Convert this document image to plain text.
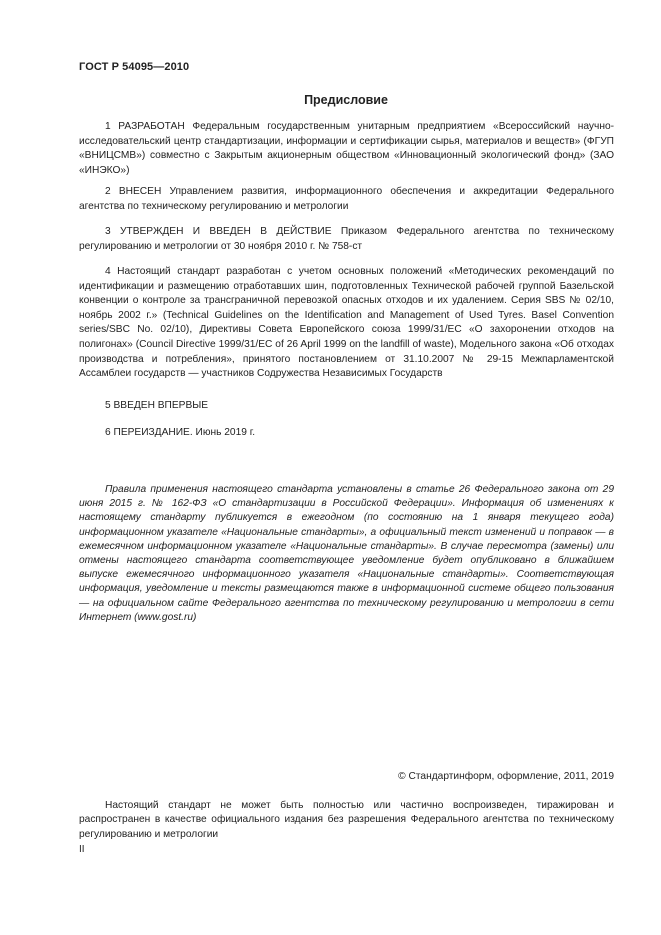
ГОСТ Р 54095—2010
Предисловие

1 РАЗРАБОТАН Федеральным государственным унитарным предприятием «Всероссийский научно-исследовательский центр стандартизации, информации и сертификации сырья, материалов и веществ» (ФГУП «ВНИЦСМВ») совместно с Закрытым акционерным обществом «Инновационный экологический фонд» (ЗАО «ИНЭКО»)

2 ВНЕСЕН Управлением развития, информационного обеспечения и аккредитации Федерального агентства по техническому регулированию и метрологии

3 УТВЕРЖДЕН И ВВЕДЕН В ДЕЙСТВИЕ Приказом Федерального агентства по техническому регулированию и метрологии от 30 ноября 2010 г. № 758-ст

4 Настоящий стандарт разработан с учетом основных положений «Методических рекомендаций по идентификации и размещению отработавших шин, подготовленных Технической рабочей группой Базельской конвенции о контроле за трансграничной перевозкой опасных отходов и их удалением. Серия SBS № 02/10, ноябрь 2002 г.» (Technical Guidelines on the Identification and Management of Used Tyres. Basel Convention series/SBC No. 02/10), Директивы Совета Европейского союза 1999/31/ЕС «О захоронении отходов на полигонах» (Council Directive 1999/31/EC of 26 April 1999 on the landfill of waste), Модельного закона «Об отходах производства и потребления», принятого постановлением от 31.10.2007 № 29-15 Межпарламентской Ассамблеи государств — участников Содружества Независимых Государств

5 ВВЕДЕН ВПЕРВЫЕ

6 ПЕРЕИЗДАНИЕ. Июнь 2019 г.

Правила применения настоящего стандарта установлены в статье 26 Федерального закона от 29 июня 2015 г. № 162-ФЗ «О стандартизации в Российской Федерации». Информация об изменениях к настоящему стандарту публикуется в ежегодном (по состоянию на 1 января текущего года) информационном указателе «Национальные стандарты», а официальный текст изменений и поправок — в ежемесячном информационном указателе «Национальные стандарты». В случае пересмотра (замены) или отмены настоящего стандарта соответствующее уведомление будет опубликовано в ближайшем выпуске ежемесячного информационного указателя «Национальные стандарты». Соответствующая информация, уведомление и тексты размещаются также в информационной системе общего пользования — на официальном сайте Федерального агентства по техническому регулированию и метрологии в сети Интернет (www.gost.ru)

© Стандартинформ, оформление, 2011, 2019

Настоящий стандарт не может быть полностью или частично воспроизведен, тиражирован и распространен в качестве официального издания без разрешения Федерального агентства по техническому регулированию и метрологии

II
